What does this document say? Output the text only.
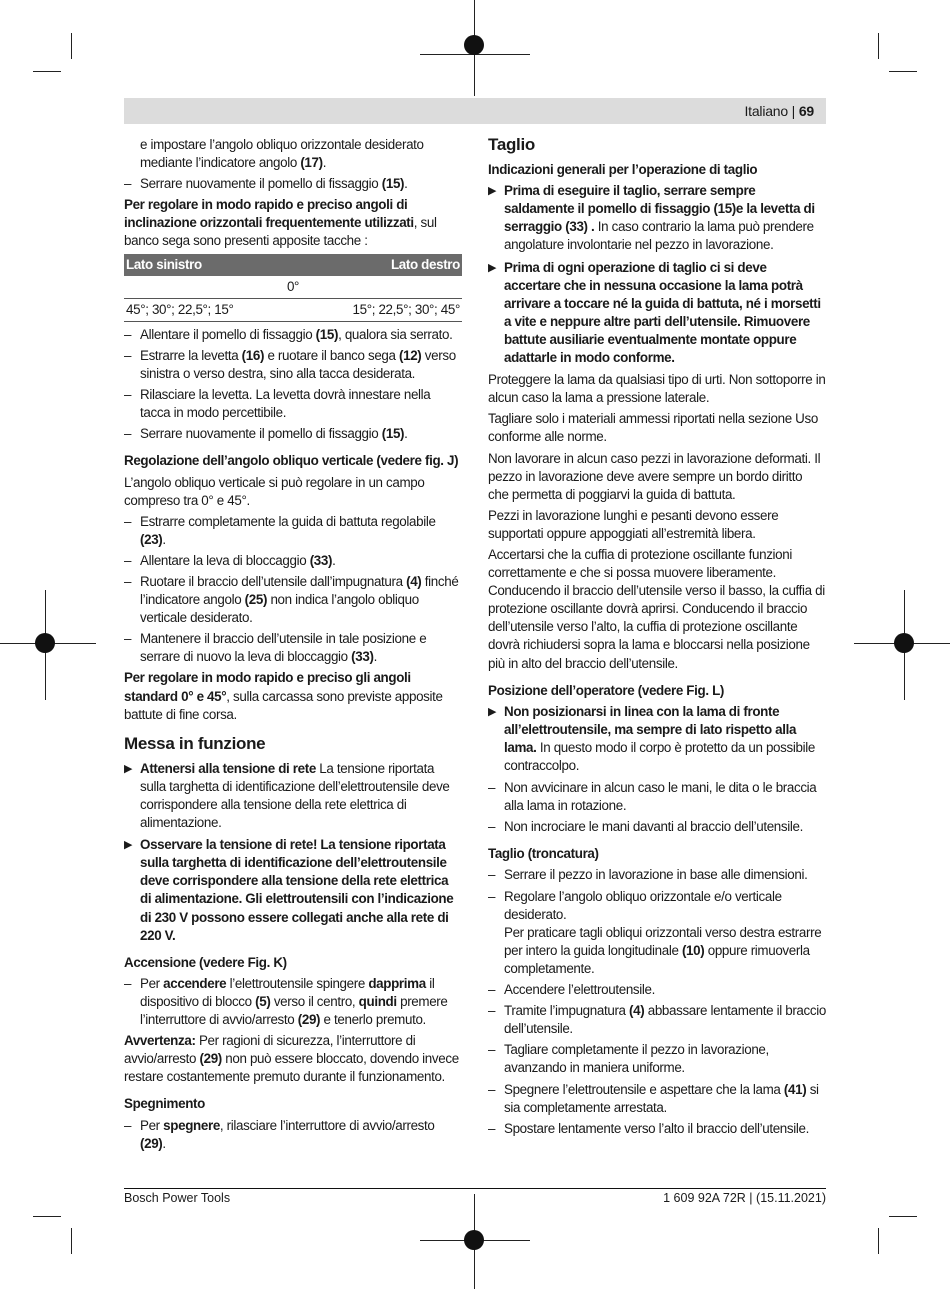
Italiano | 69

e impostare l’angolo obliquo orizzontale desiderato mediante l’indicatore angolo (17).

– Serrare nuovamente il pomello di fissaggio (15).

Per regolare in modo rapido e preciso angoli di inclinazione orizzontali frequentemente utilizzati, sul banco sega sono presenti apposite tacche :

Lato sinistro	Lato destro
0°	
45°; 30°; 22,5°; 15°	15°; 22,5°; 30°; 45°
– Allentare il pomello di fissaggio (15), qualora sia serrato.
– Estrarre la levetta (16) e ruotare il banco sega (12) verso sinistra o verso destra, sino alla tacca desiderata.
– Rilasciare la levetta. La levetta dovrà innestare nella tacca in modo percettibile.
– Serrare nuovamente il pomello di fissaggio (15).
Regolazione dell’angolo obliquo verticale (vedere fig. J)

L’angolo obliquo verticale si può regolare in un campo compreso tra 0° e 45°.

– Estrarre completamente la guida di battuta regolabile (23).
– Allentare la leva di bloccaggio (33).
– Ruotare il braccio dell’utensile dall’impugnatura (4) finché l’indicatore angolo (25) non indica l’angolo obliquo verticale desiderato.
– Mantenere il braccio dell’utensile in tale posizione e serrare di nuovo la leva di bloccaggio (33).

Per regolare in modo rapido e preciso gli angoli standard 0° e 45°, sulla carcassa sono previste apposite battute di fine corsa.

Messa in funzione
▶ Attenersi alla tensione di rete La tensione riportata sulla targhetta di identificazione dell’elettroutensile deve corrispondere alla tensione della rete elettrica di alimentazione.
▶ Osservare la tensione di rete! La tensione riportata sulla targhetta di identificazione dell’elettroutensile deve corrispondere alla tensione della rete elettrica di alimentazione. Gli elettroutensili con l’indicazione di 230 V possono essere collegati anche alla rete di 220 V.
Accensione (vedere Fig. K)
– Per accendere l’elettroutensile spingere dapprima il dispositivo di blocco (5) verso il centro, quindi premere l’interruttore di avvio/arresto (29) e tenerlo premuto.

Avvertenza: Per ragioni di sicurezza, l’interruttore di avvio/arresto (29) non può essere bloccato, dovendo invece restare costantemente premuto durante il funzionamento.

Spegnimento
– Per spegnere, rilasciare l’interruttore di avvio/arresto (29).
Taglio
Indicazioni generali per l’operazione di taglio
▶ Prima di eseguire il taglio, serrare sempre saldamente il pomello di fissaggio (15)e la levetta di serraggio (33) . In caso contrario la lama può prendere angolature involontarie nel pezzo in lavorazione.
▶ Prima di ogni operazione di taglio ci si deve accertare che in nessuna occasione la lama potrà arrivare a toccare né la guida di battuta, né i morsetti a vite e neppure altre parti dell’utensile. Rimuovere battute ausiliarie eventualmente montate oppure adattarle in modo conforme.

Proteggere la lama da qualsiasi tipo di urti. Non sottoporre in alcun caso la lama a pressione laterale.

Tagliare solo i materiali ammessi riportati nella sezione Uso conforme alle norme.

Non lavorare in alcun caso pezzi in lavorazione deformati. Il pezzo in lavorazione deve avere sempre un bordo diritto che permetta di poggiarvi la guida di battuta.

Pezzi in lavorazione lunghi e pesanti devono essere supportati oppure appoggiati all’estremità libera.

Accertarsi che la cuffia di protezione oscillante funzioni correttamente e che si possa muovere liberamente. Conducendo il braccio dell’utensile verso il basso, la cuffia di protezione oscillante dovrà aprirsi. Conducendo il braccio dell’utensile verso l’alto, la cuffia di protezione oscillante dovrà richiudersi sopra la lama e bloccarsi nella posizione più in alto del braccio dell’utensile.

Posizione dell’operatore (vedere Fig. L)
▶ Non posizionarsi in linea con la lama di fronte all’elettroutensile, ma sempre di lato rispetto alla lama. In questo modo il corpo è protetto da un possibile contraccolpo.
– Non avvicinare in alcun caso le mani, le dita o le braccia alla lama in rotazione.
– Non incrociare le mani davanti al braccio dell’utensile.
Taglio (troncatura)
– Serrare il pezzo in lavorazione in base alle dimensioni.
– Regolare l’angolo obliquo orizzontale e/o verticale desiderato.
Per praticare tagli obliqui orizzontali verso destra estrarre per intero la guida longitudinale (10) oppure rimuoverla completamente.
– Accendere l’elettroutensile.
– Tramite l’impugnatura (4) abbassare lentamente il braccio dell’utensile.
– Tagliare completamente il pezzo in lavorazione, avanzando in maniera uniforme.
– Spegnere l’elettroutensile e aspettare che la lama (41) si sia completamente arrestata.
– Spostare lentamente verso l’alto il braccio dell’utensile.
Bosch Power Tools	1 609 92A 72R | (15.11.2021)
